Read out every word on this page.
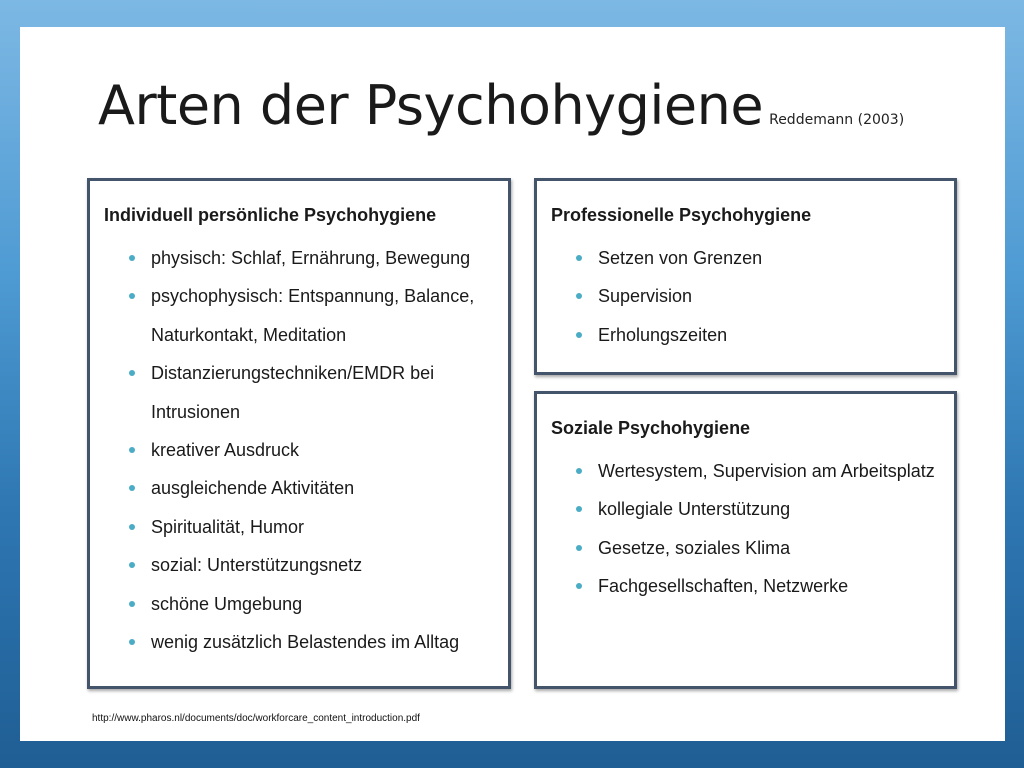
Arten der Psychohygiene Reddemann (2003)
Individuell persönliche Psychohygiene
physisch: Schlaf, Ernährung, Bewegung
psychophysisch: Entspannung, Balance, Naturkontakt, Meditation
Distanzierungstechniken/EMDR bei Intrusionen
kreativer Ausdruck
ausgleichende Aktivitäten
Spiritualität, Humor
sozial: Unterstützungsnetz
schöne Umgebung
wenig zusätzlich Belastendes im Alltag
Professionelle Psychohygiene
Setzen von Grenzen
Supervision
Erholungszeiten
Soziale Psychohygiene
Wertesystem, Supervision am Arbeitsplatz
kollegiale Unterstützung
Gesetze, soziales Klima
Fachgesellschaften, Netzwerke
http://www.pharos.nl/documents/doc/workforcare_content_introduction.pdf
